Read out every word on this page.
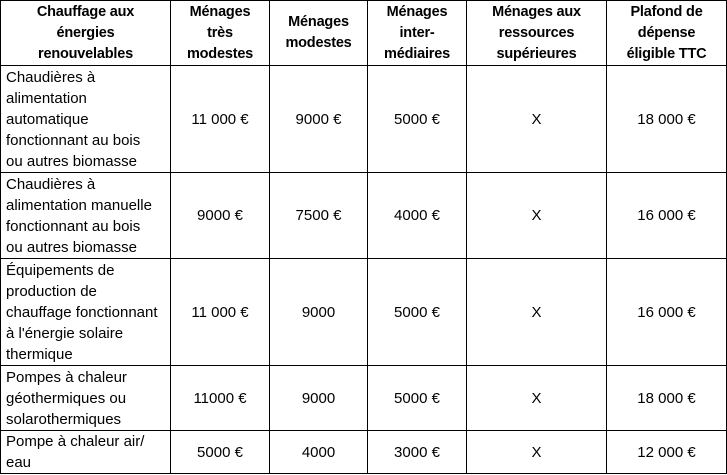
Chauffage aux
énergies
renouvelables	Ménages
très
modestes	Ménages
modestes	Ménages
inter-
médiaires	Ménages aux
ressources
supérieures	Plafond de
dépense
éligible TTC

Chaudières à
alimentation
automatique
fonctionnant au bois
ou autres biomasse	11 000 €	9000 €	5000 €	X	18 000 €

Chaudières à
alimentation manuelle
fonctionnant au bois
ou autres biomasse	9000 €	7500 €	4000 €	X	16 000 €

Équipements de
production de
chauffage fonctionnant
à l'énergie solaire
thermique	11 000 €	9000	5000 €	X	16 000 €

Pompes à chaleur
géothermiques ou
solarothermiques	11000 €	9000	5000 €	X	18 000 €

Pompe à chaleur air/
eau	5000 €	4000	3000 €	X	12 000 €
